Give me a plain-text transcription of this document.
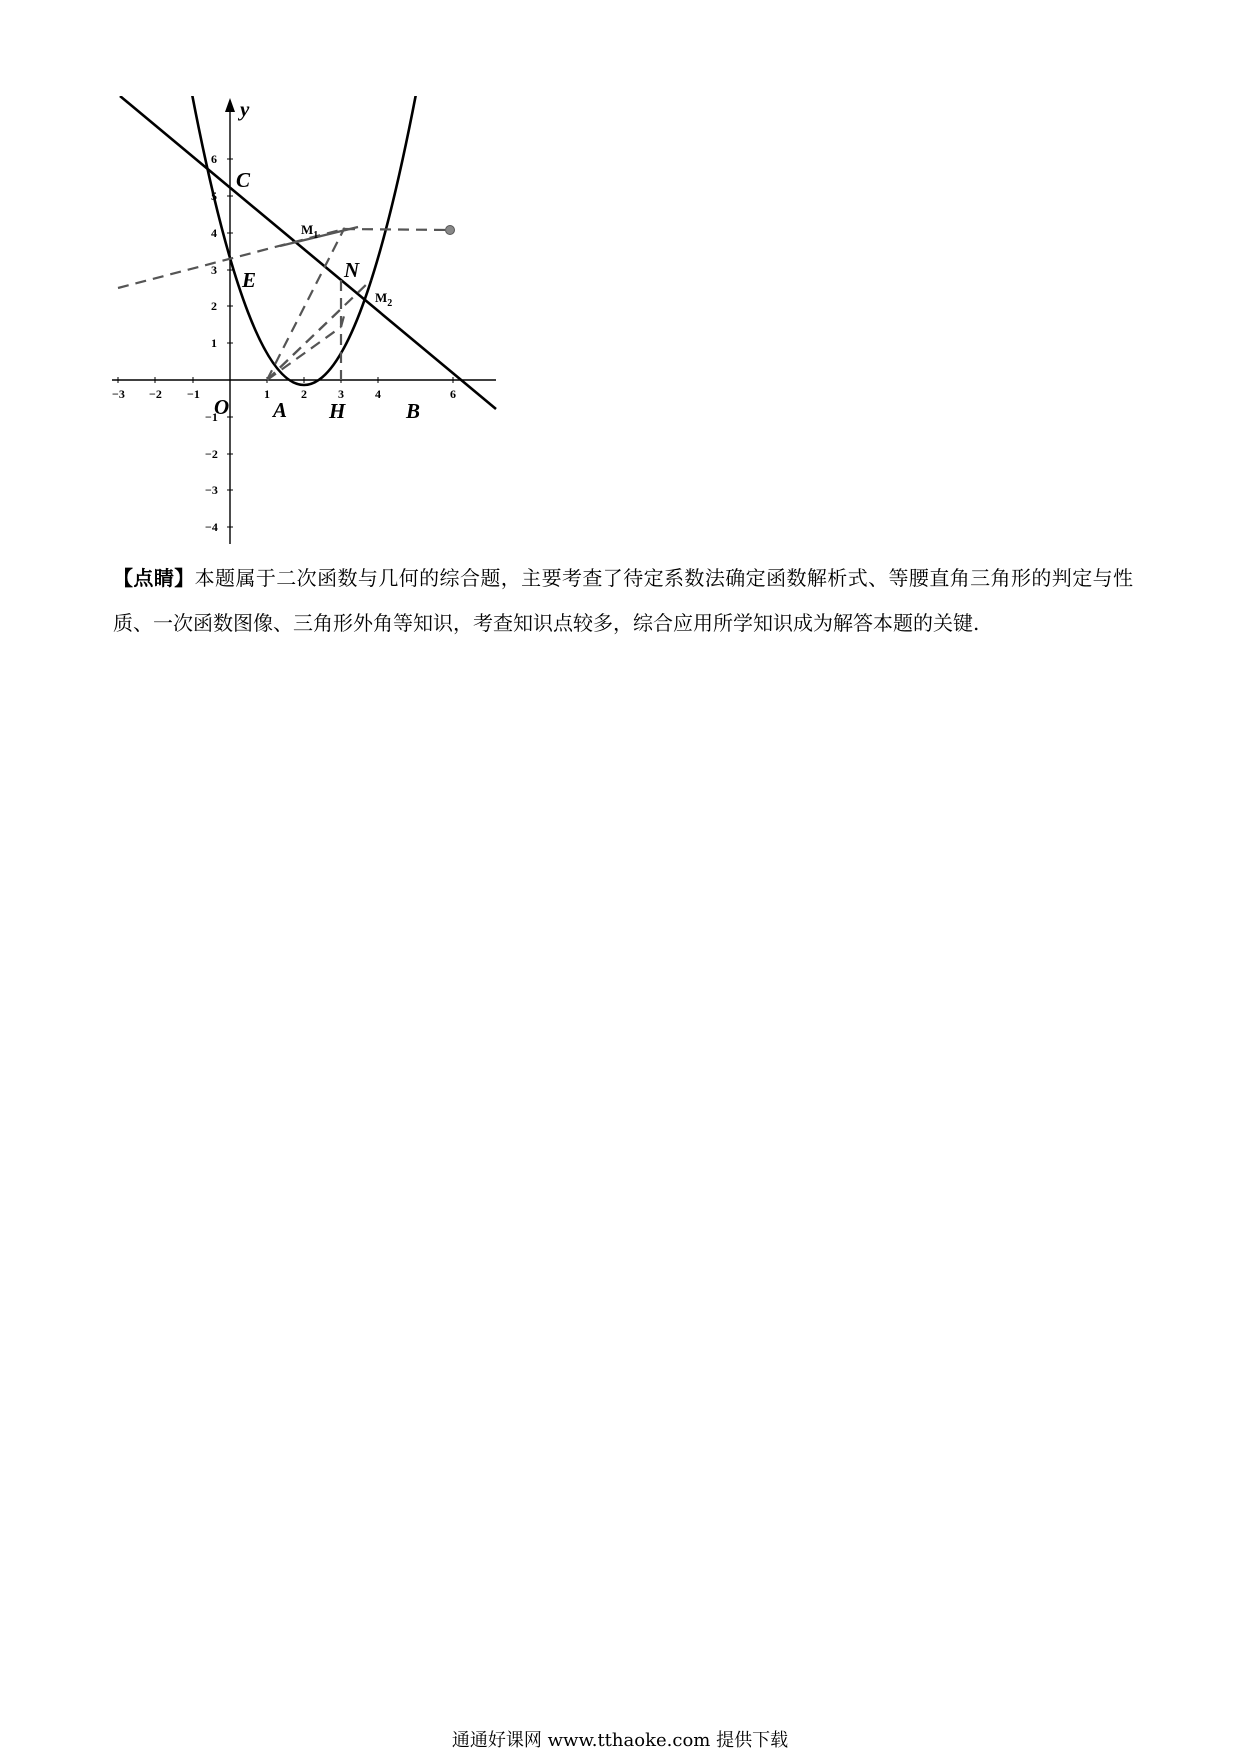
y
−3 −2 −1	1	2	3	4	6
6
5
4
3
2
1
−1
−2
−3
−4
C
E	N
O A H	B
$M_1$
$M_2$

【点睛】本题属于二次函数与几何的综合题，主要考查了待定系数法确定函数解析式、等腰直角三角形的判定与性质、一次函数图像、三角形外角等知识，考查知识点较多，综合应用所学知识成为解答本题的关键.

通通好课网 www.tthaoke.com 提供下载
